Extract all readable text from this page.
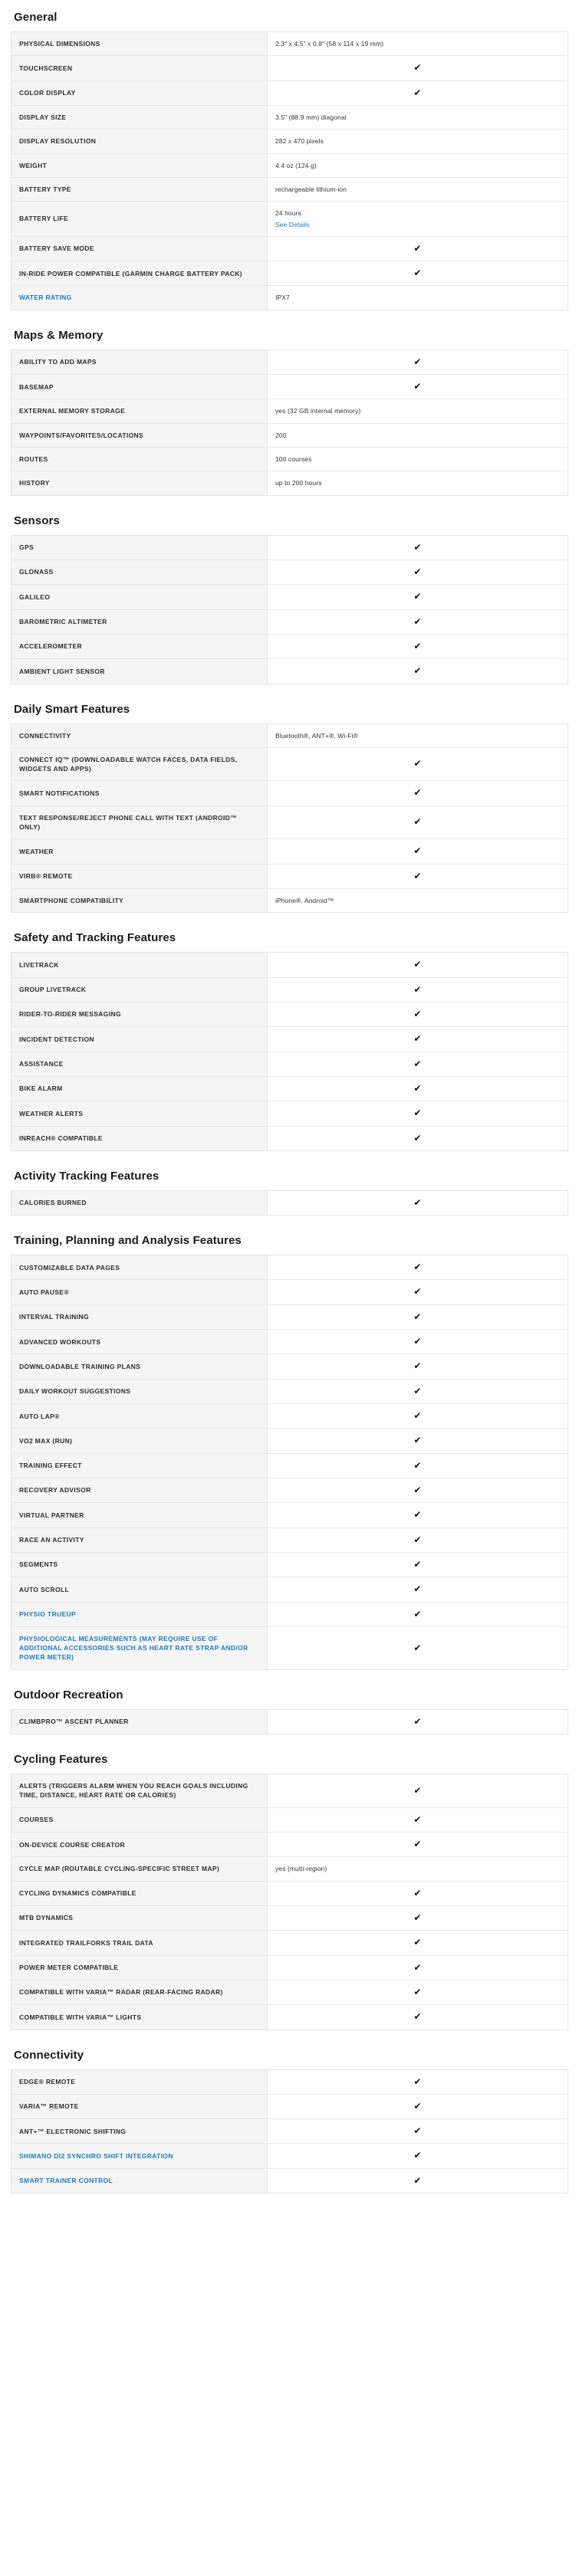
General
PHYSICAL DIMENSIONS	2.3" x 4.5" x 0.8" (58 x 114 x 19 mm)

TOUCHSCREEN	✔
COLOR DISPLAY	✔
DISPLAY SIZE	3.5" (88.9 mm) diagonal

DISPLAY RESOLUTION	282 x 470 pixels

WEIGHT	4.4 oz (124 g)

BATTERY TYPE	rechargeable lithium-ion

BATTERY LIFE	24 hours
See Details

BATTERY SAVE MODE	✔
IN-RIDE POWER COMPATIBLE (GARMIN CHARGE BATTERY PACK)	✔
WATER RATING	IPX7
Maps & Memory
ABILITY TO ADD MAPS	✔
BASEMAP	✔
EXTERNAL MEMORY STORAGE	yes (32 GB internal memory)

WAYPOINTS/FAVORITES/LOCATIONS	200

ROUTES	100 courses

HISTORY	up to 200 hours
Sensors
GPS	✔
GLONASS	✔
GALILEO	✔
BAROMETRIC ALTIMETER	✔
ACCELEROMETER	✔
AMBIENT LIGHT SENSOR	✔
Daily Smart Features
CONNECTIVITY	Bluetooth®, ANT+®, Wi-Fi®

CONNECT IQ™ (DOWNLOADABLE WATCH FACES, DATA FIELDS, WIDGETS AND APPS)	✔
SMART NOTIFICATIONS	✔
TEXT RESPONSE/REJECT PHONE CALL WITH TEXT (ANDROID™ ONLY)	✔
WEATHER	✔
VIRB® REMOTE	✔
SMARTPHONE COMPATIBILITY	iPhone®, Android™
Safety and Tracking Features
LIVETRACK	✔
GROUP LIVETRACK	✔
RIDER-TO-RIDER MESSAGING	✔
INCIDENT DETECTION	✔
ASSISTANCE	✔
BIKE ALARM	✔
WEATHER ALERTS	✔
INREACH® COMPATIBLE	✔
Activity Tracking Features
CALORIES BURNED	✔
Training, Planning and Analysis Features
CUSTOMIZABLE DATA PAGES	✔
AUTO PAUSE®	✔
INTERVAL TRAINING	✔
ADVANCED WORKOUTS	✔
DOWNLOADABLE TRAINING PLANS	✔
DAILY WORKOUT SUGGESTIONS	✔
AUTO LAP®	✔
VO2 MAX (RUN)	✔
TRAINING EFFECT	✔
RECOVERY ADVISOR	✔
VIRTUAL PARTNER	✔
RACE AN ACTIVITY	✔
SEGMENTS	✔
AUTO SCROLL	✔
PHYSIO TRUEUP	✔
PHYSIOLOGICAL MEASUREMENTS (MAY REQUIRE USE OF ADDITIONAL ACCESSORIES SUCH AS HEART RATE STRAP AND/OR POWER METER)	✔
Outdoor Recreation
CLIMBPRO™ ASCENT PLANNER	✔
Cycling Features
ALERTS (TRIGGERS ALARM WHEN YOU REACH GOALS INCLUDING TIME, DISTANCE, HEART RATE OR CALORIES)	✔
COURSES	✔
ON-DEVICE COURSE CREATOR	✔
CYCLE MAP (ROUTABLE CYCLING-SPECIFIC STREET MAP)	yes (multi-region)

CYCLING DYNAMICS COMPATIBLE	✔
MTB DYNAMICS	✔
INTEGRATED TRAILFORKS TRAIL DATA	✔
POWER METER COMPATIBLE	✔
COMPATIBLE WITH VARIA™ RADAR (REAR-FACING RADAR)	✔
COMPATIBLE WITH VARIA™ LIGHTS	✔
Connectivity
EDGE® REMOTE	✔
VARIA™ REMOTE	✔
ANT+™ ELECTRONIC SHIFTING	✔
SHIMANO DI2 SYNCHRO SHIFT INTEGRATION	✔
SMART TRAINER CONTROL	✔
